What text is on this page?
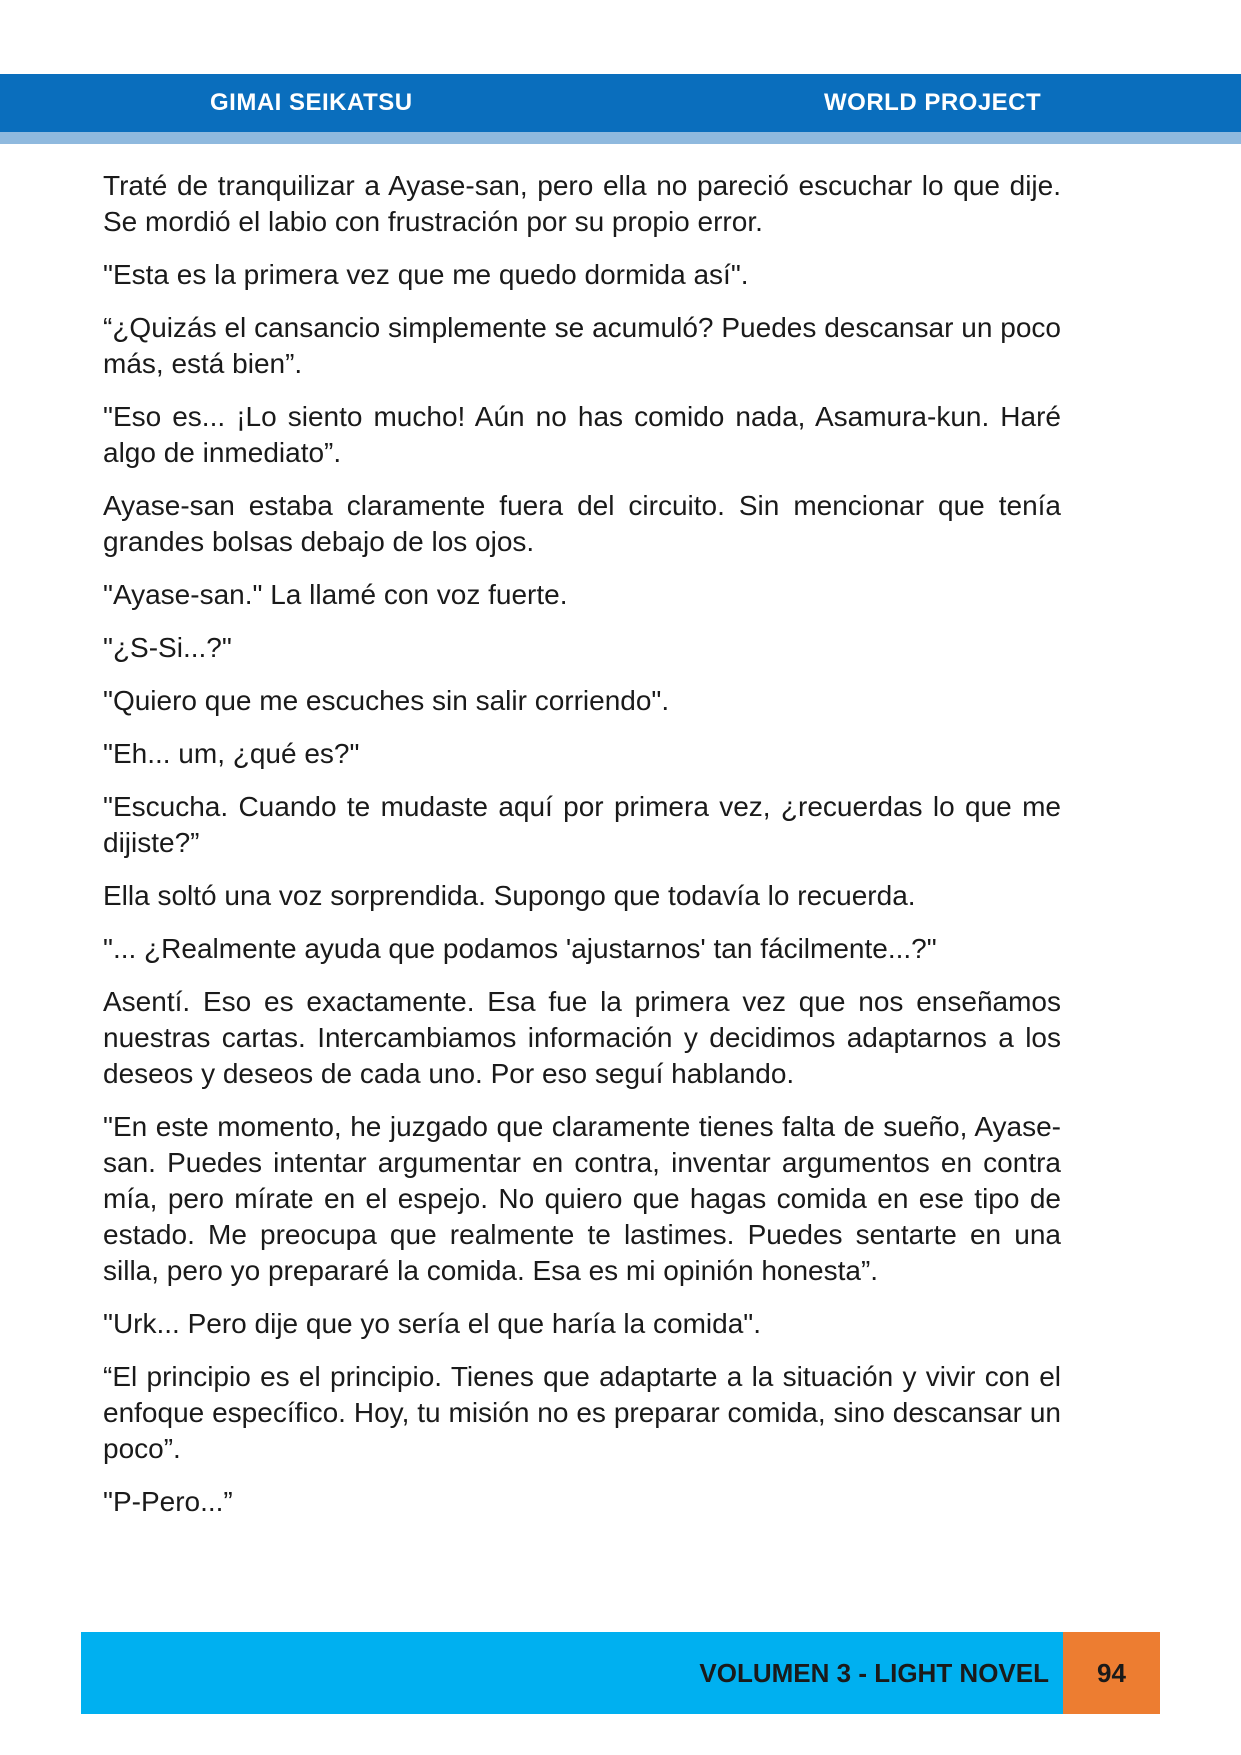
GIMAI SEIKATSU	WORLD PROJECT

Traté de tranquilizar a Ayase-san, pero ella no pareció escuchar lo que dije. Se mordió el labio con frustración por su propio error.

"Esta es la primera vez que me quedo dormida así".

“¿Quizás el cansancio simplemente se acumuló? Puedes descansar un poco más, está bien”.

"Eso es... ¡Lo siento mucho! Aún no has comido nada, Asamura-kun. Haré algo de inmediato”.

Ayase-san estaba claramente fuera del circuito. Sin mencionar que tenía grandes bolsas debajo de los ojos.

"Ayase-san." La llamé con voz fuerte.

"¿S-Si...?"

"Quiero que me escuches sin salir corriendo".

"Eh... um, ¿qué es?"

"Escucha. Cuando te mudaste aquí por primera vez, ¿recuerdas lo que me dijiste?”

Ella soltó una voz sorprendida. Supongo que todavía lo recuerda.

"... ¿Realmente ayuda que podamos 'ajustarnos' tan fácilmente...?"

Asentí. Eso es exactamente. Esa fue la primera vez que nos enseñamos nuestras cartas. Intercambiamos información y decidimos adaptarnos a los deseos y deseos de cada uno. Por eso seguí hablando.

"En este momento, he juzgado que claramente tienes falta de sueño, Ayase-san. Puedes intentar argumentar en contra, inventar argumentos en contra mía, pero mírate en el espejo. No quiero que hagas comida en ese tipo de estado. Me preocupa que realmente te lastimes. Puedes sentarte en una silla, pero yo prepararé la comida. Esa es mi opinión honesta”.

"Urk... Pero dije que yo sería el que haría la comida".

“El principio es el principio. Tienes que adaptarte a la situación y vivir con el enfoque específico. Hoy, tu misión no es preparar comida, sino descansar un poco”.

"P-Pero...”

VOLUMEN 3 - LIGHT NOVEL	94
